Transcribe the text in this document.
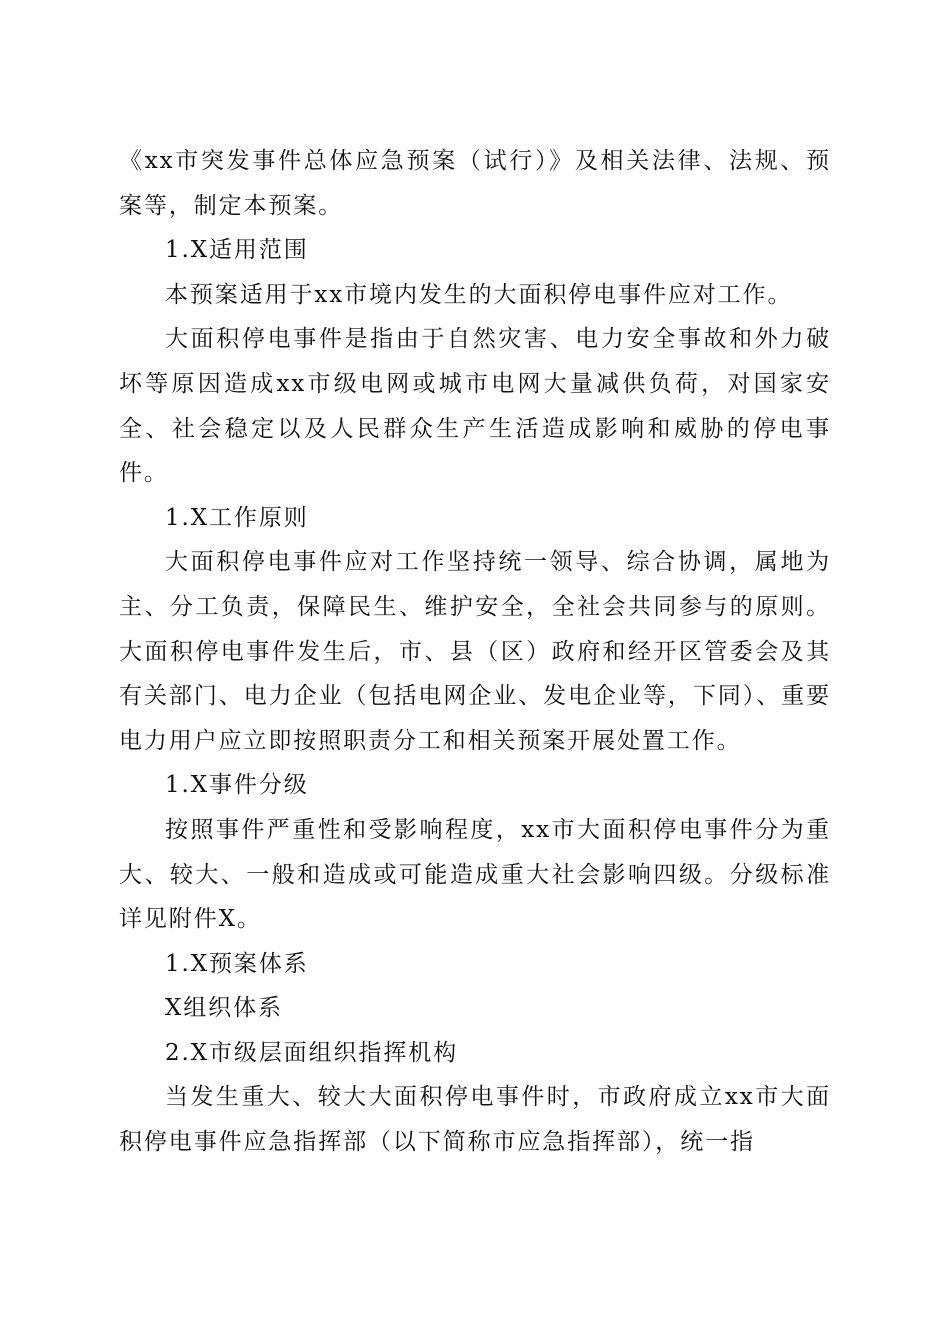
《xx市突发事件总体应急预案（试行）》及相关法律、法规、预案等，制定本预案。

1.X适用范围

本预案适用于xx市境内发生的大面积停电事件应对工作。

大面积停电事件是指由于自然灾害、电力安全事故和外力破坏等原因造成xx市级电网或城市电网大量减供负荷，对国家安全、社会稳定以及人民群众生产生活造成影响和威胁的停电事件。

1.X工作原则

大面积停电事件应对工作坚持统一领导、综合协调，属地为主、分工负责，保障民生、维护安全，全社会共同参与的原则。大面积停电事件发生后，市、县（区）政府和经开区管委会及其有关部门、电力企业（包括电网企业、发电企业等，下同）、重要电力用户应立即按照职责分工和相关预案开展处置工作。

1.X事件分级

按照事件严重性和受影响程度，xx市大面积停电事件分为重大、较大、一般和造成或可能造成重大社会影响四级。分级标准详见附件X。

1.X预案体系

X组织体系

2.X市级层面组织指挥机构

当发生重大、较大大面积停电事件时，市政府成立xx市大面积停电事件应急指挥部（以下简称市应急指挥部），统一指
